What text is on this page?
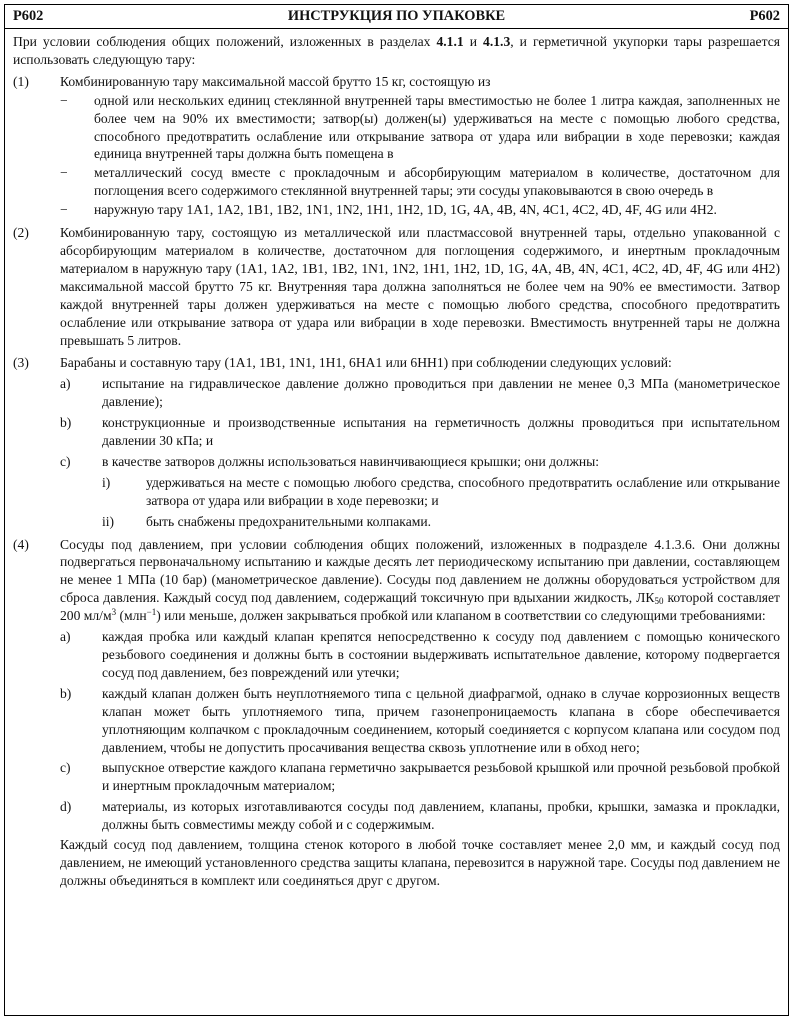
P602	ИНСТРУКЦИЯ ПО УПАКОВКЕ	P602

При условии соблюдения общих положений, изложенных в разделах 4.1.1 и 4.1.3, и герметичной укупорки тары разрешается использовать следующую тару:

(1)	Комбинированную тару максимальной массой брутто 15 кг, состоящую из
−	одной или нескольких единиц стеклянной внутренней тары вместимостью не более 1 литра каждая, заполненных не более чем на 90% их вместимости; затвор(ы) должен(ы) удерживаться на месте с помощью любого средства, способного предотвратить ослабление или открывание затвора от удара или вибрации в ходе перевозки; каждая единица внутренней тары должна быть помещена в
−	металлический сосуд вместе с прокладочным и абсорбирующим материалом в количестве, достаточном для поглощения всего содержимого стеклянной внутренней тары; эти сосуды упаковываются в свою очередь в
−	наружную тару 1A1, 1A2, 1B1, 1B2, 1N1, 1N2, 1H1, 1H2, 1D, 1G, 4A, 4B, 4N, 4C1, 4C2, 4D, 4F, 4G или 4H2.
(2)	Комбинированную тару, состоящую из металлической или пластмассовой внутренней тары, отдельно упакованной с абсорбирующим материалом в количестве, достаточном для поглощения содержимого, и инертным прокладочным материалом в наружную тару (1A1, 1A2, 1B1, 1B2, 1N1, 1N2, 1H1, 1H2, 1D, 1G, 4A, 4B, 4N, 4C1, 4C2, 4D, 4F, 4G или 4H2) максимальной массой брутто 75 кг. Внутренняя тара должна заполняться не более чем на 90% ее вместимости. Затвор каждой внутренней тары должен удерживаться на месте с помощью любого средства, способного предотвратить ослабление или открывание затвора от удара или вибрации в ходе перевозки. Вместимость внутренней тары не должна превышать 5 литров.
(3)	Барабаны и составную тару (1A1, 1B1, 1N1, 1H1, 6HA1 или 6HH1) при соблюдении следующих условий:
a)	испытание на гидравлическое давление должно проводиться при давлении не менее 0,3 МПа (манометрическое давление);
b)	конструкционные и производственные испытания на герметичность должны проводиться при испытательном давлении 30 кПа; и
c)	в качестве затворов должны использоваться навинчивающиеся крышки; они должны:
i)	удерживаться на месте с помощью любого средства, способного предотвратить ослабление или открывание затвора от удара или вибрации в ходе перевозки; и
ii)	быть снабжены предохранительными колпаками.
(4)	Сосуды под давлением, при условии соблюдения общих положений, изложенных в подразделе 4.1.3.6. Они должны подвергаться первоначальному испытанию и каждые десять лет периодическому испытанию при давлении, составляющем не менее 1 МПа (10 бар) (манометрическое давление). Сосуды под давлением не должны оборудоваться устройством для сброса давления. Каждый сосуд под давлением, содержащий токсичную при вдыхании жидкость, $ЛК_{50}$ которой составляет 200 $мл/м^3$ (млн$^{-1}$) или меньше, должен закрываться пробкой или клапаном в соответствии со следующими требованиями:
a)	каждая пробка или каждый клапан крепятся непосредственно к сосуду под давлением с помощью конического резьбового соединения и должны быть в состоянии выдерживать испытательное давление, которому подвергается сосуд под давлением, без повреждений или утечки;
b)	каждый клапан должен быть неуплотняемого типа с цельной диафрагмой, однако в случае коррозионных веществ клапан может быть уплотняемого типа, причем газонепроницаемость клапана в сборе обеспечивается уплотняющим колпачком с прокладочным соединением, который соединяется с корпусом клапана или сосудом под давлением, чтобы не допустить просачивания вещества сквозь уплотнение или в обход него;
c)	выпускное отверстие каждого клапана герметично закрывается резьбовой крышкой или прочной резьбовой пробкой и инертным прокладочным материалом;
d)	материалы, из которых изготавливаются сосуды под давлением, клапаны, пробки, крышки, замазка и прокладки, должны быть совместимы между собой и с содержимым.

Каждый сосуд под давлением, толщина стенок которого в любой точке составляет менее 2,0 мм, и каждый сосуд под давлением, не имеющий установленного средства защиты клапана, перевозится в наружной таре. Сосуды под давлением не должны объединяться в комплект или соединяться друг с другом.
